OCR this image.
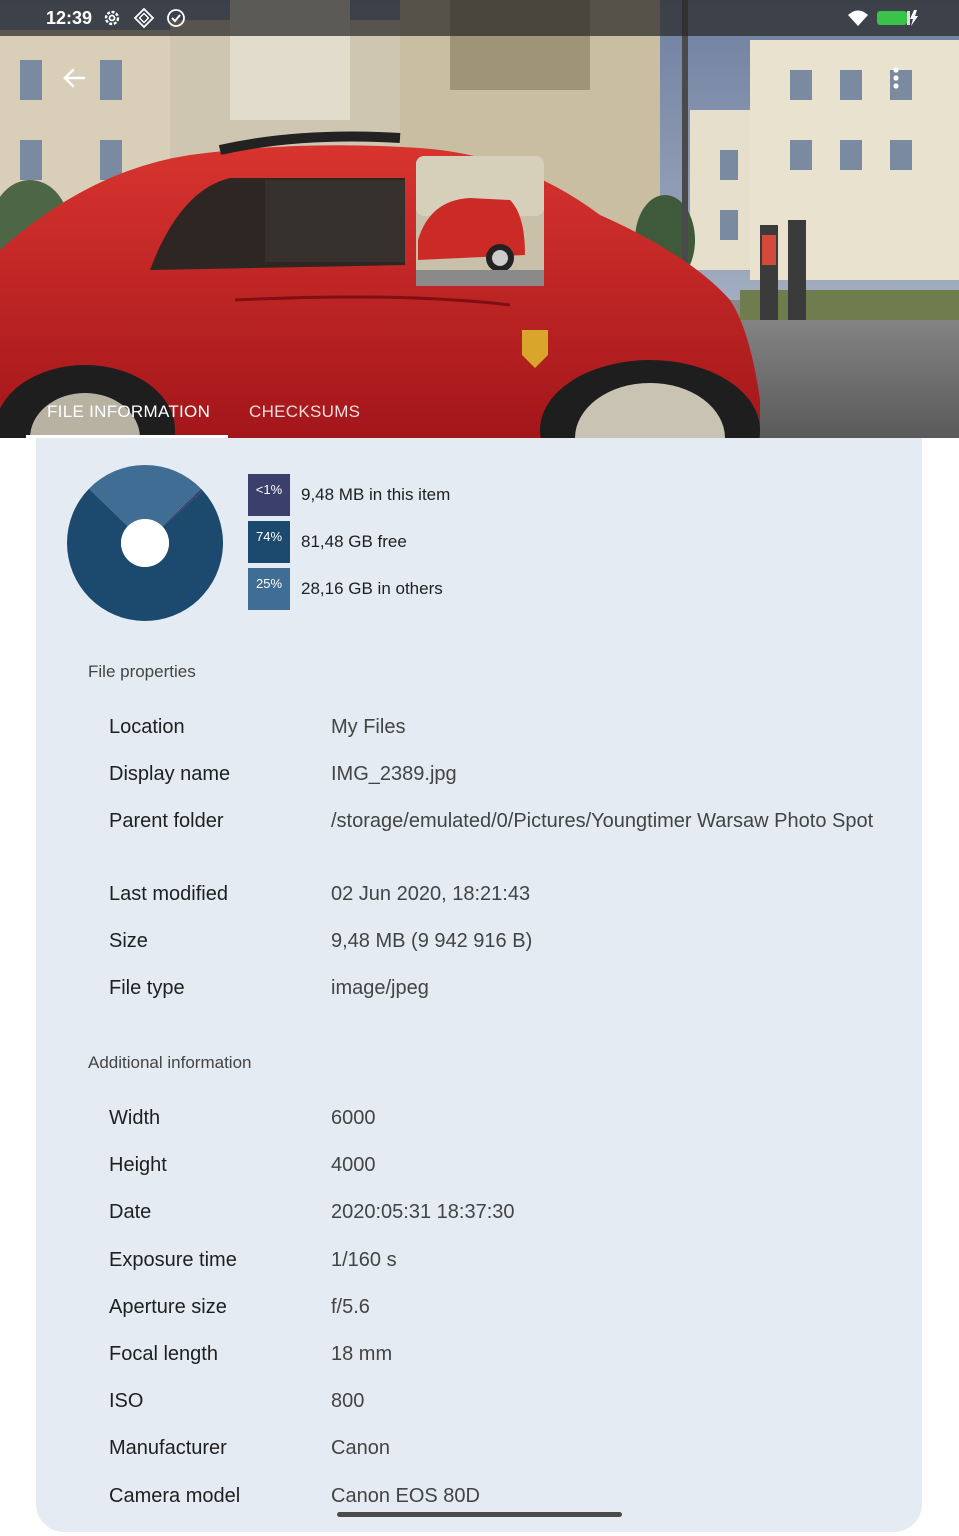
12:39
FILE INFORMATION CHECKSUMS
<1%	9,48 MB in this item
74%	81,48 GB free
25%	28,16 GB in others
File properties
Location	My Files
Display name	IMG_2389.jpg
Parent folder	/storage/emulated/0/Pictures/Youngtimer Warsaw Photo Spot
Last modified	02 Jun 2020, 18:21:43
Size	9,48 MB (9 942 916 B)
File type	image/jpeg
Additional information
Width	6000
Height	4000
Date	2020:05:31 18:37:30
Exposure time	1/160 s
Aperture size	f/5.6
Focal length	18 mm
ISO	800
Manufacturer	Canon
Camera model	Canon EOS 80D
